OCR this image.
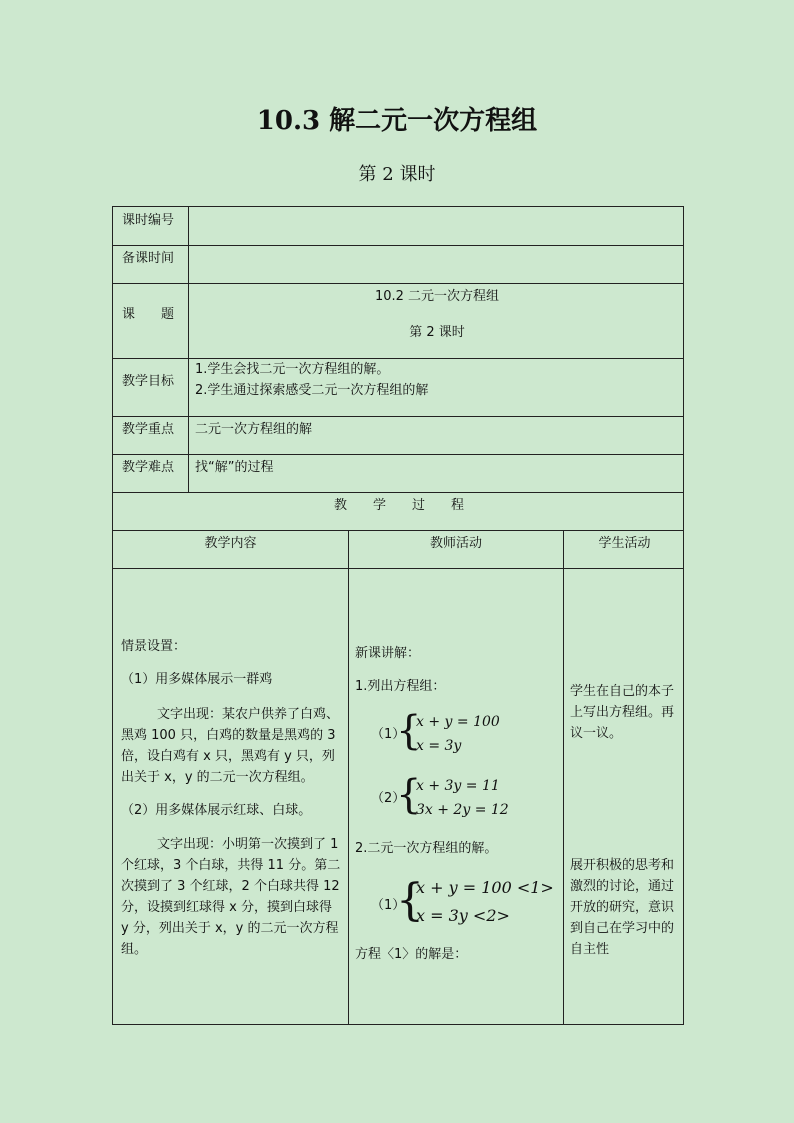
10.3 解二元一次方程组
第 2 课时
课时编号
备课时间
课　　题
10.2 二元一次方程组
第 2 课时
教学目标
1.学生会找二元一次方程组的解。
2.学生通过探索感受二元一次方程组的解
教学重点 二元一次方程组的解
教学难点 找“解”的过程
教　　学　　过　　程
教学内容	教师活动	学生活动
情景设置：
（1）用多媒体展示一群鸡
文字出现：某农户供养了白鸡、黑鸡 100 只，白鸡的数量是黑鸡的 3 倍，设白鸡有 x 只，黑鸡有 y 只，列出关于 x，y 的二元一次方程组。
（2）用多媒体展示红球、白球。
文字出现：小明第一次摸到了 1 个红球，3 个白球，共得 11 分。第二次摸到了 3 个红球，2 个白球共得 12 分，设摸到红球得 x 分，摸到白球得 y 分，列出关于 x，y 的二元一次方程组。
新课讲解：
1.列出方程组：
（1）
{
x + y = 100
x = 3y
（2）
{
x + 3y = 11
3x + 2y = 12
2.二元一次方程组的解。
（1）
{
x + y = 100 <1>
x = 3y <2>
方程〈1〉的解是：
学生在自己的本子上写出方程组。再议一议。
展开积极的思考和激烈的讨论，通过开放的研究，意识到自己在学习中的自主性
